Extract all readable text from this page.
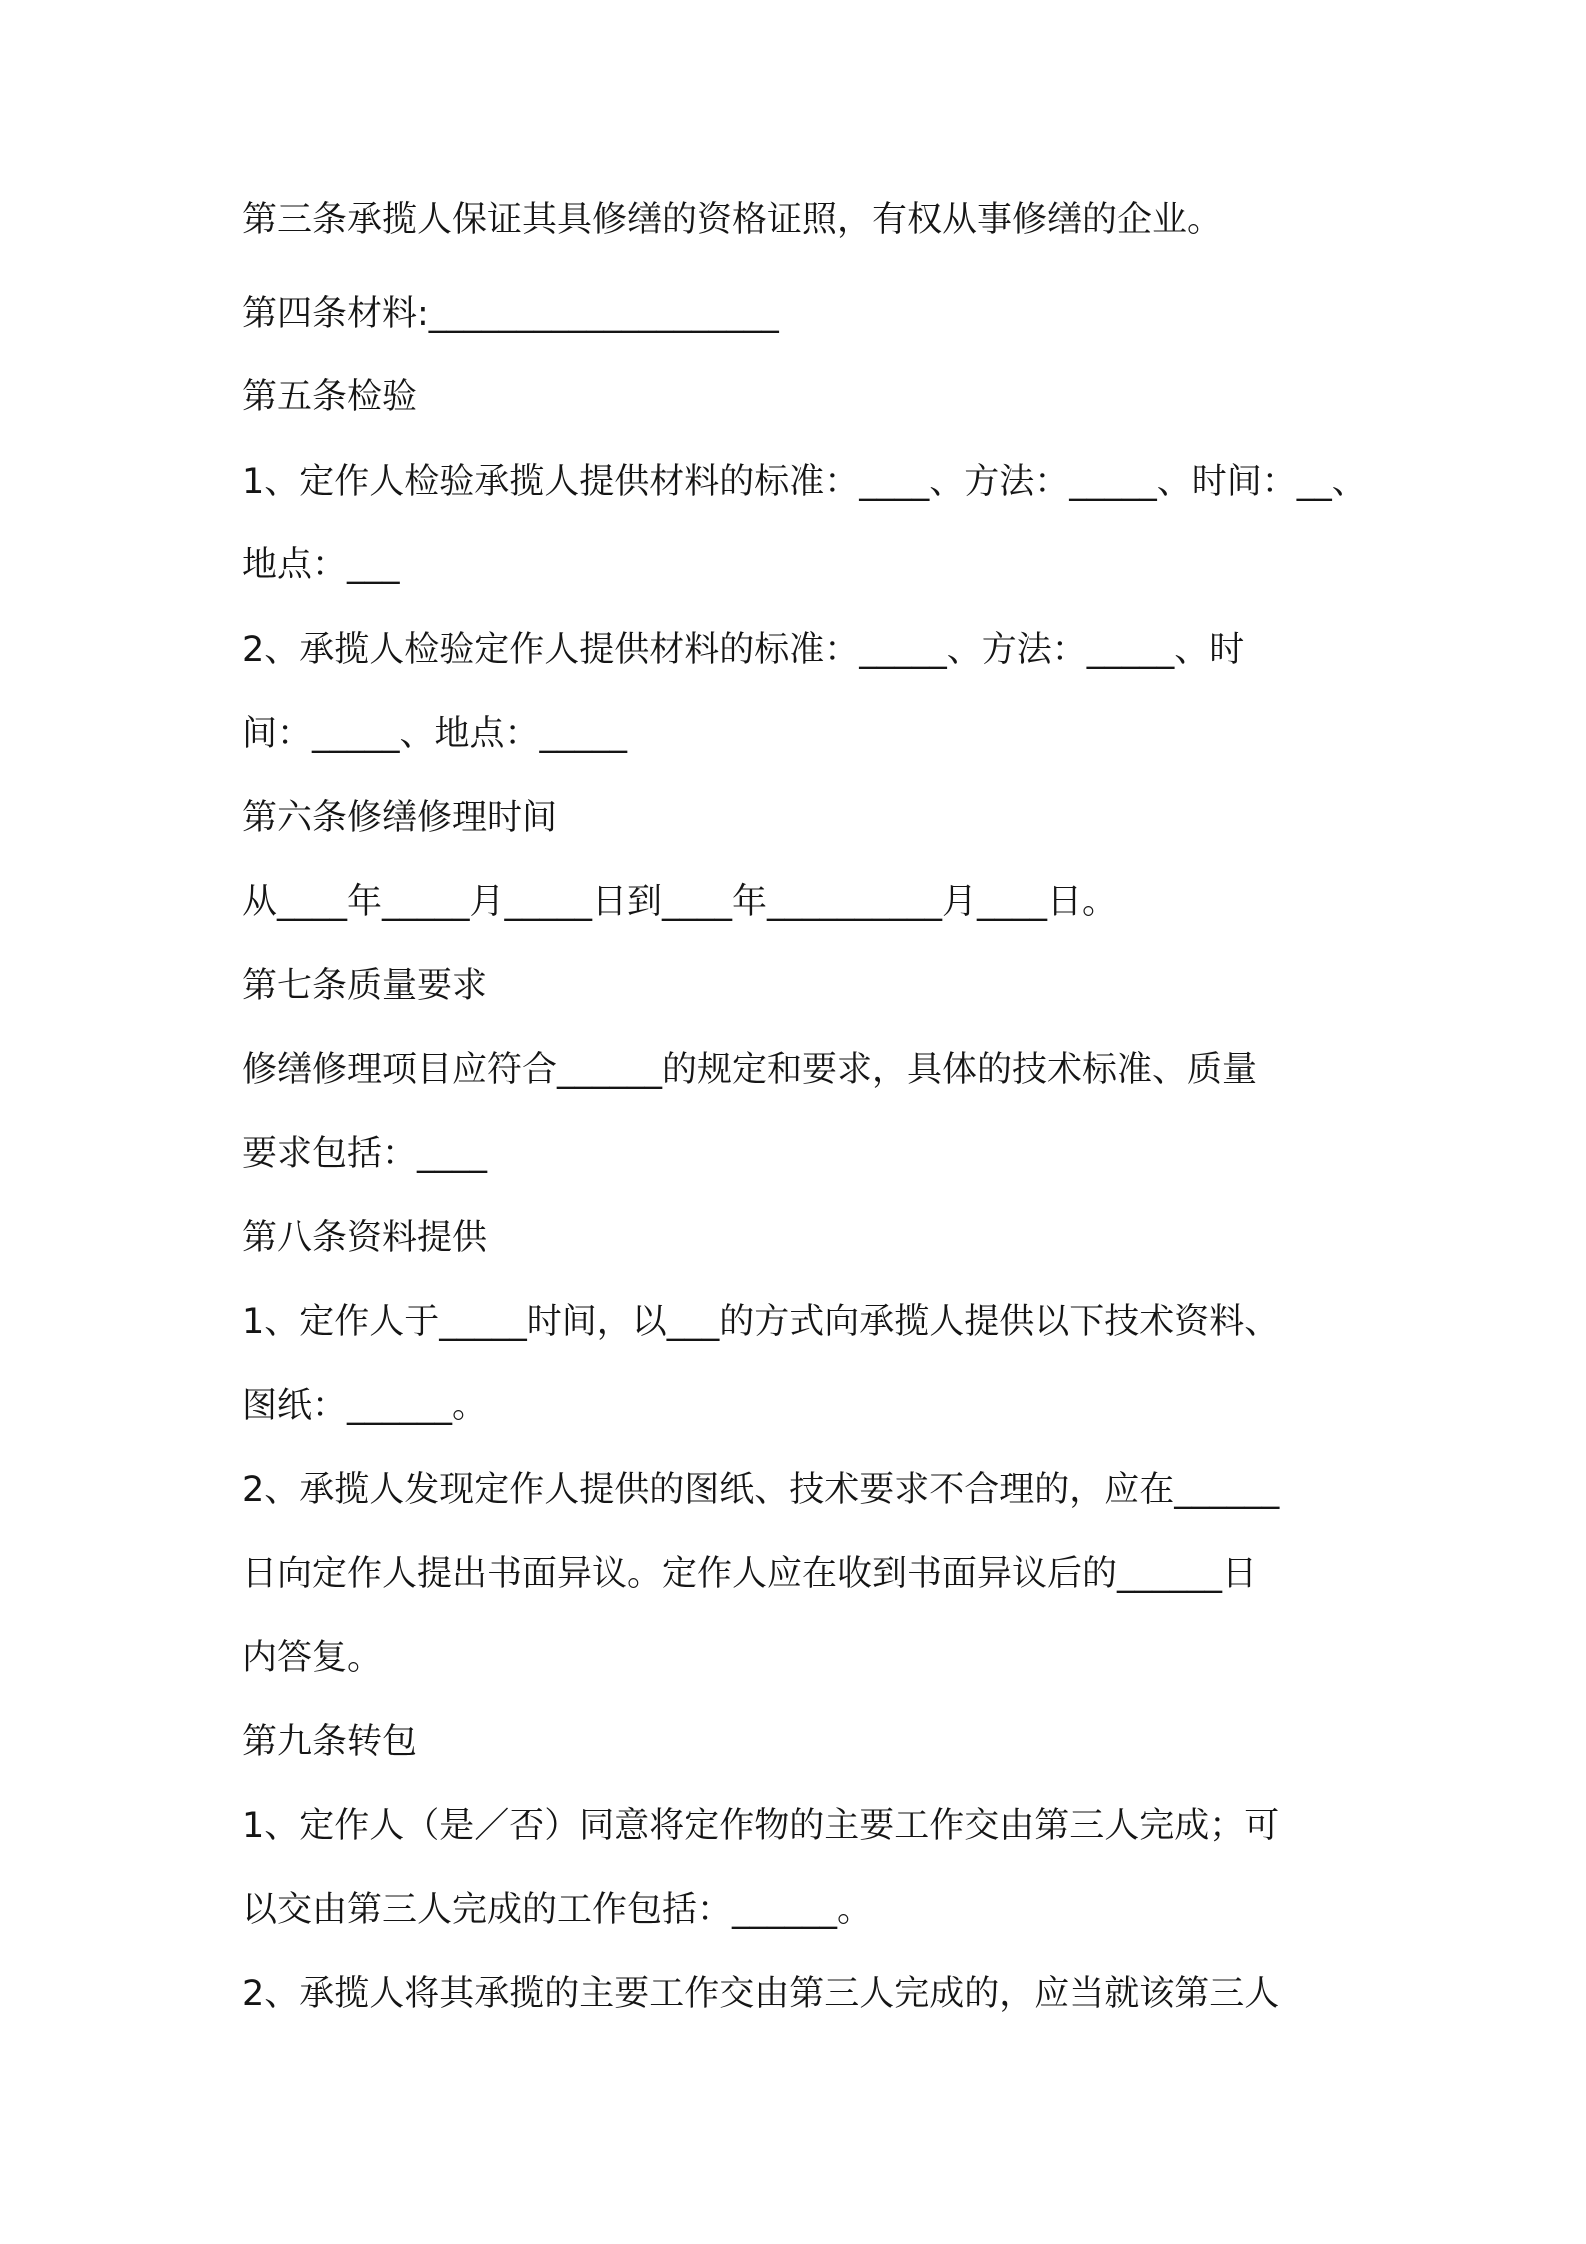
第三条承揽人保证其具修缮的资格证照，有权从事修缮的企业。
第四条材料:____________________
第五条检验
1、定作人检验承揽人提供材料的标准：____、方法：_____、时间：__、
地点：___
2、承揽人检验定作人提供材料的标准：_____、方法：_____、时
间：_____、地点：_____
第六条修缮修理时间
从____年_____月_____日到____年__________月____日。
第七条质量要求
修缮修理项目应符合______的规定和要求，具体的技术标准、质量
要求包括：____
第八条资料提供
1、定作人于_____时间，以___的方式向承揽人提供以下技术资料、
图纸：______。
2、承揽人发现定作人提供的图纸、技术要求不合理的，应在______
日向定作人提出书面异议。定作人应在收到书面异议后的______日
内答复。
第九条转包
1、定作人（是／否）同意将定作物的主要工作交由第三人完成；可
以交由第三人完成的工作包括：______。
2、承揽人将其承揽的主要工作交由第三人完成的，应当就该第三人
